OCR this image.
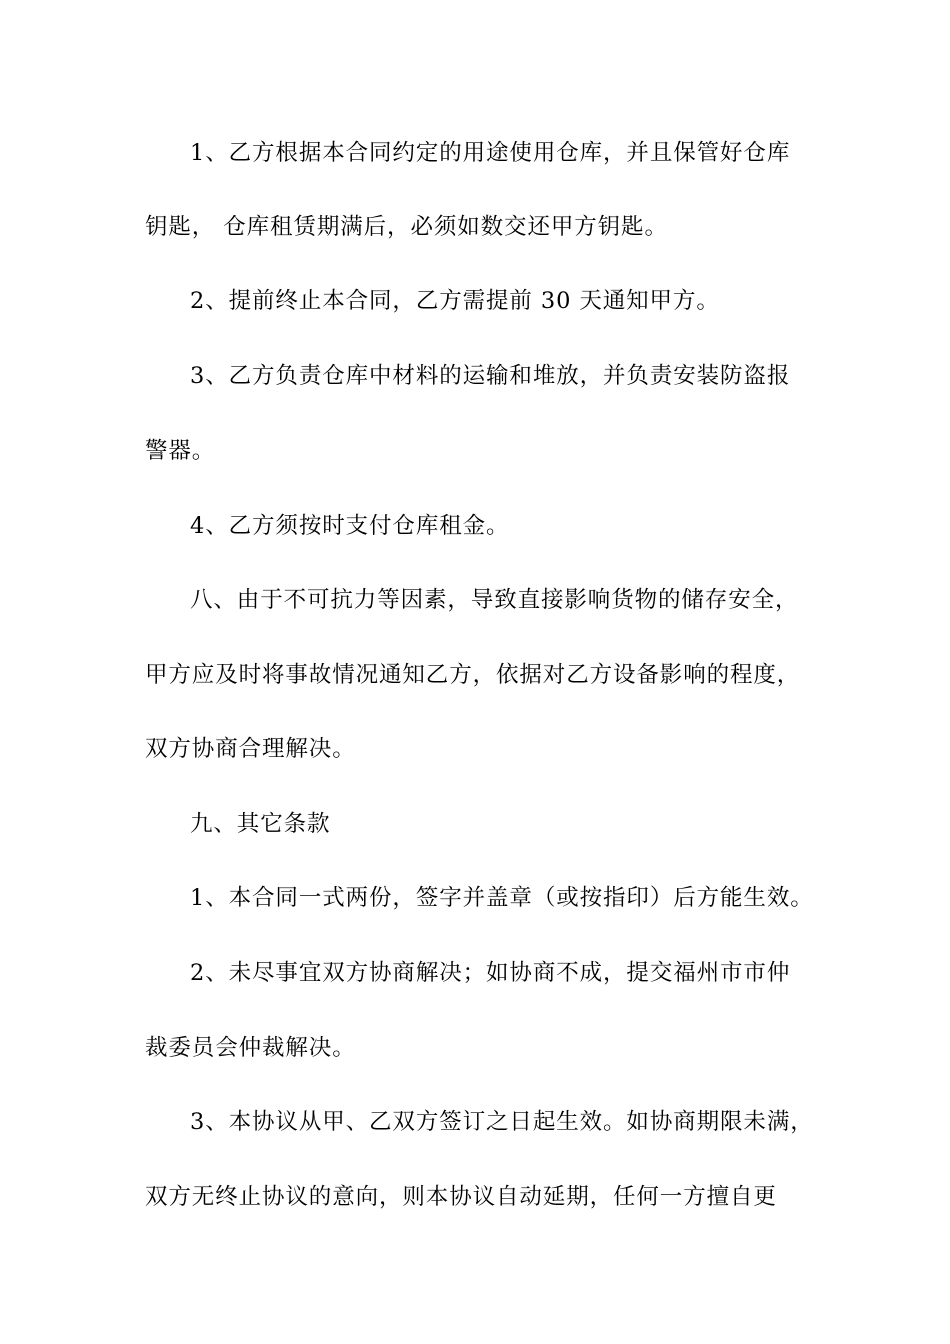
1、乙方根据本合同约定的用途使用仓库，并且保管好仓库
钥匙， 仓库租赁期满后，必须如数交还甲方钥匙。
2、提前终止本合同，乙方需提前 30 天通知甲方。
3、乙方负责仓库中材料的运输和堆放，并负责安装防盗报
警器。
4、乙方须按时支付仓库租金。
八、由于不可抗力等因素，导致直接影响货物的储存安全，
甲方应及时将事故情况通知乙方，依据对乙方设备影响的程度，
双方协商合理解决。
九、其它条款
1、本合同一式两份，签字并盖章（或按指印）后方能生效。
2、未尽事宜双方协商解决；如协商不成，提交福州市市仲
裁委员会仲裁解决。
3、本协议从甲、乙双方签订之日起生效。如协商期限未满，
双方无终止协议的意向，则本协议自动延期，任何一方擅自更
